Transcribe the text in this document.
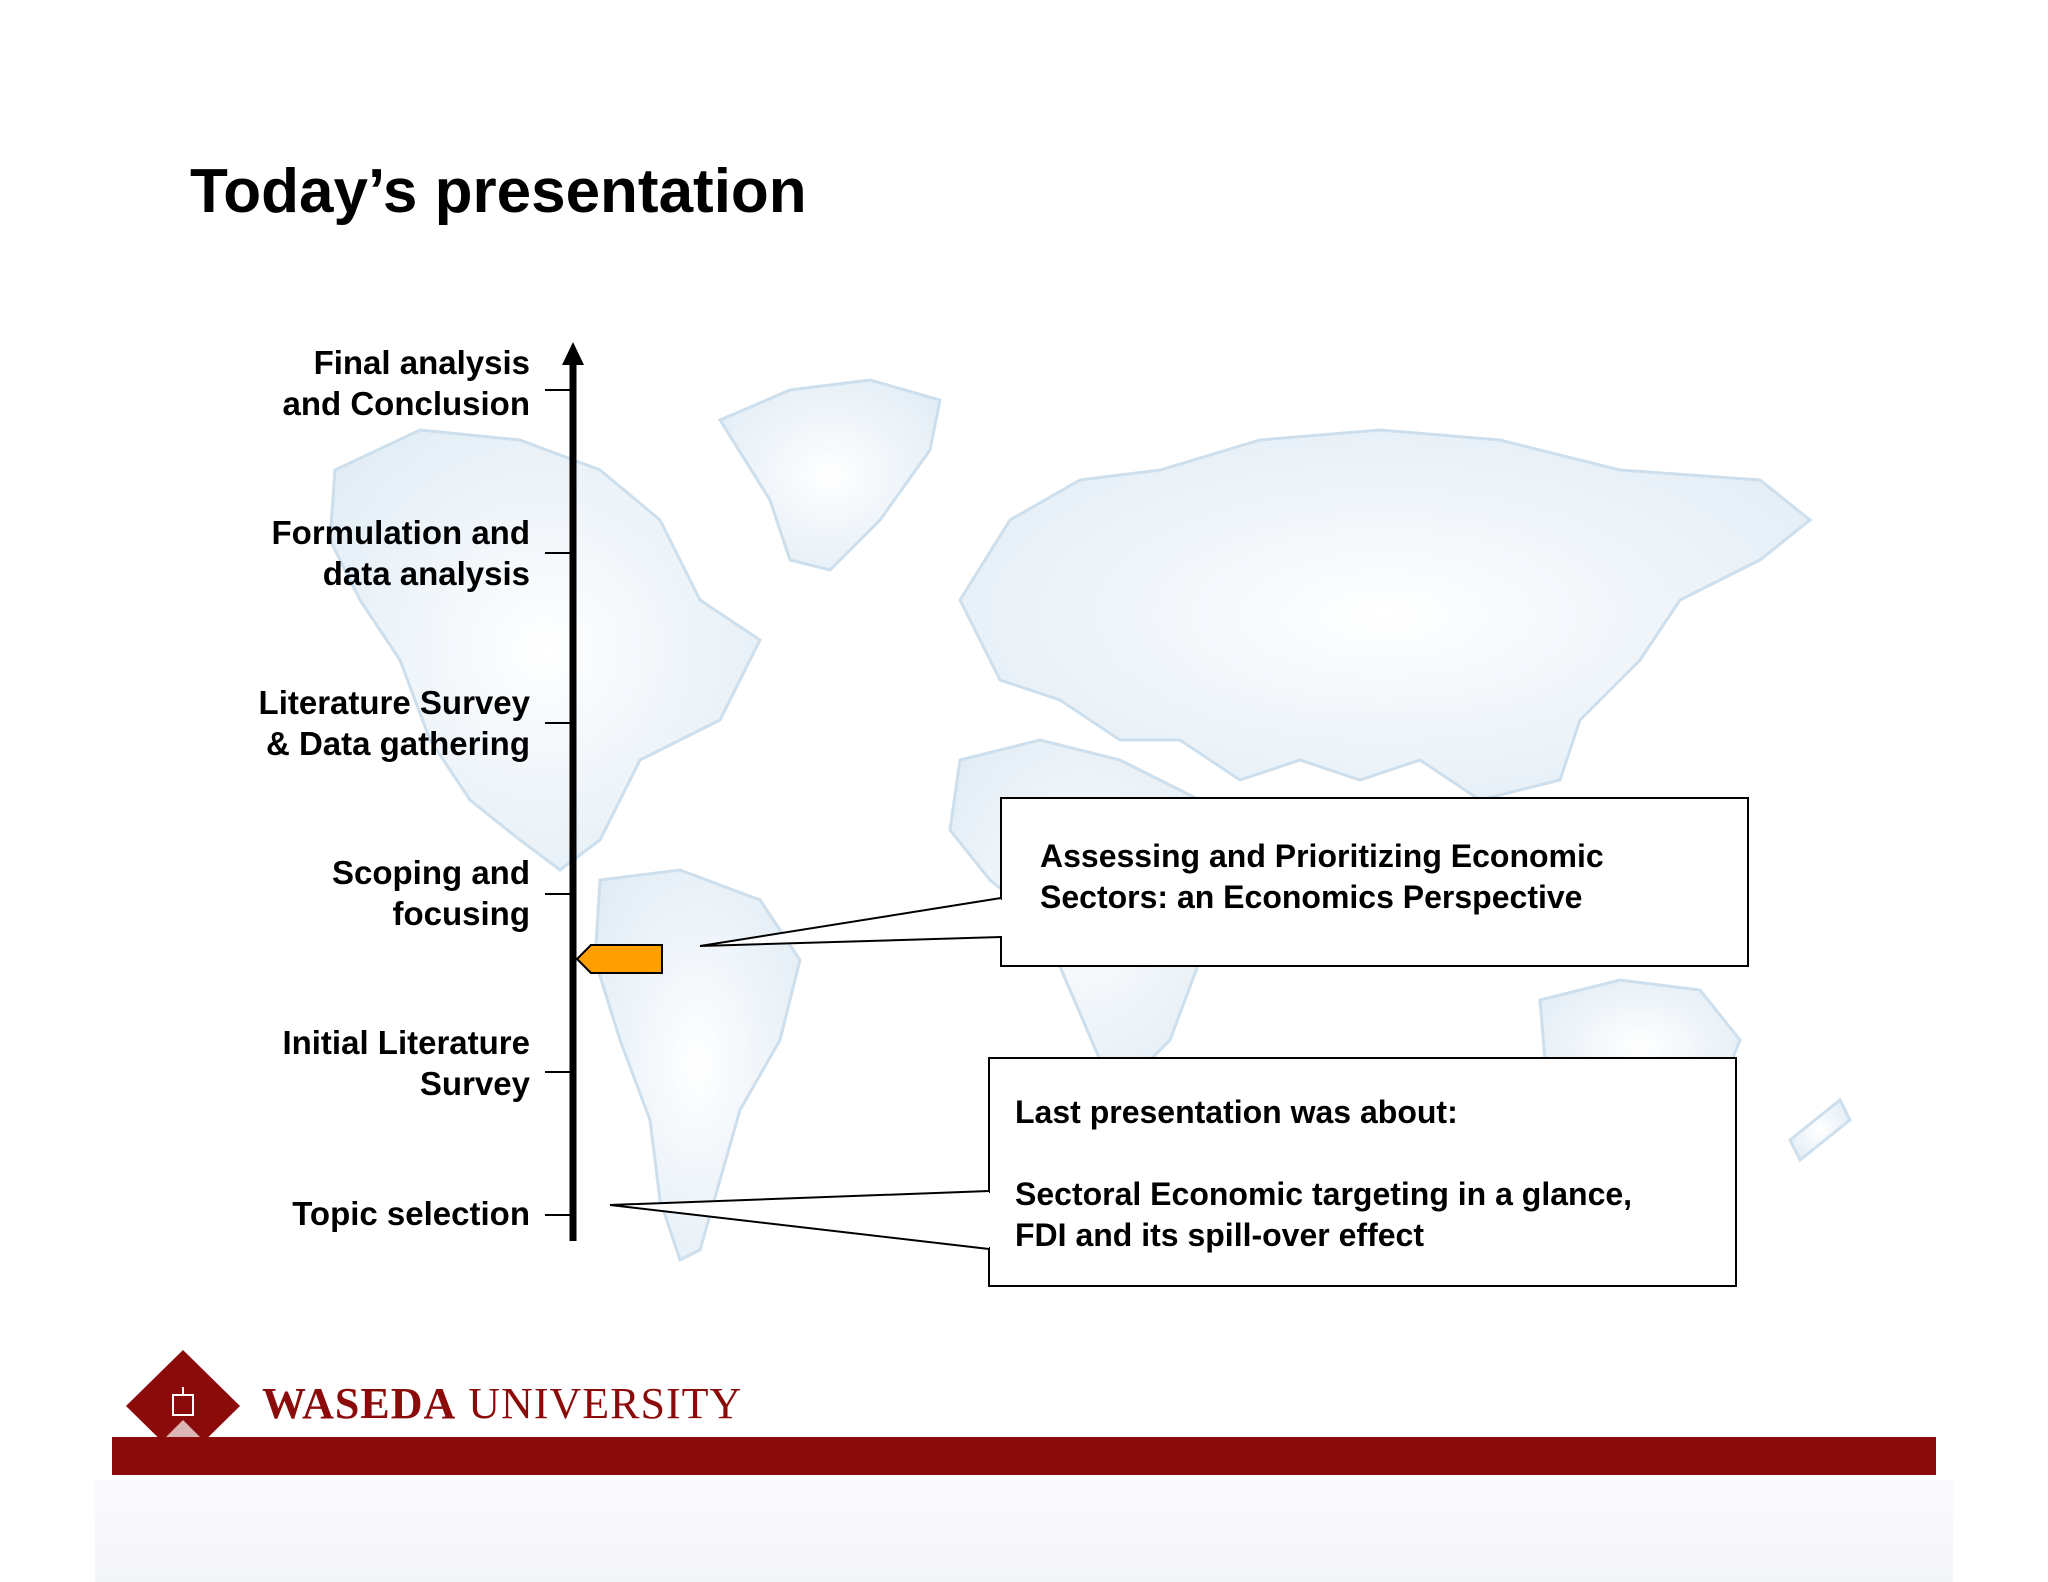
Today’s presentation
Final analysis
and Conclusion
Formulation and
data analysis
Literature Survey
& Data gathering
Scoping and
focusing
Initial Literature
Survey
Topic selection
Assessing and Prioritizing Economic
Sectors: an Economics Perspective
Last presentation was about:
Sectoral Economic targeting in a glance,
FDI and its spill-over effect
WASEDA UNIVERSITY
